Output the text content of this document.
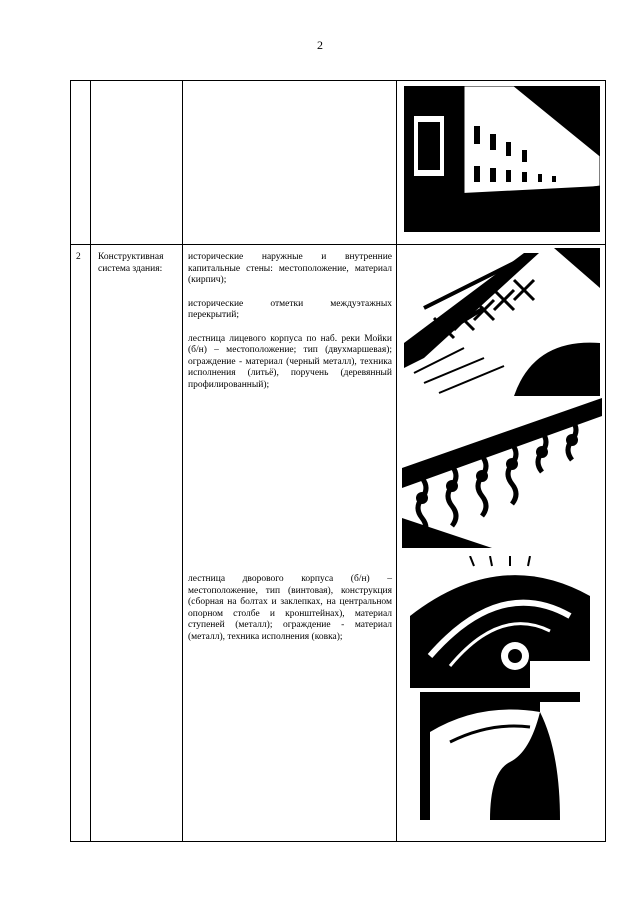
2
2	Конструктивная система здания:

исторические наружные и внутренние капитальные стены: местоположение, материал (кирпич);

исторические отметки междуэтажных перекрытий;

лестница лицевого корпуса по наб. реки Мойки (б/н) – местоположение; тип (двухмаршевая); ограждение - материал (черный металл), техника исполнения (литьё), поручень (деревянный профилированный);

лестница дворового корпуса (б/н) – местоположение, тип (винтовая), конструкция (сборная на болтах и заклепках, на центральном опорном столбе и кронштейнах), материал ступеней (металл); ограждение - материал (металл), техника исполнения (ковка);
